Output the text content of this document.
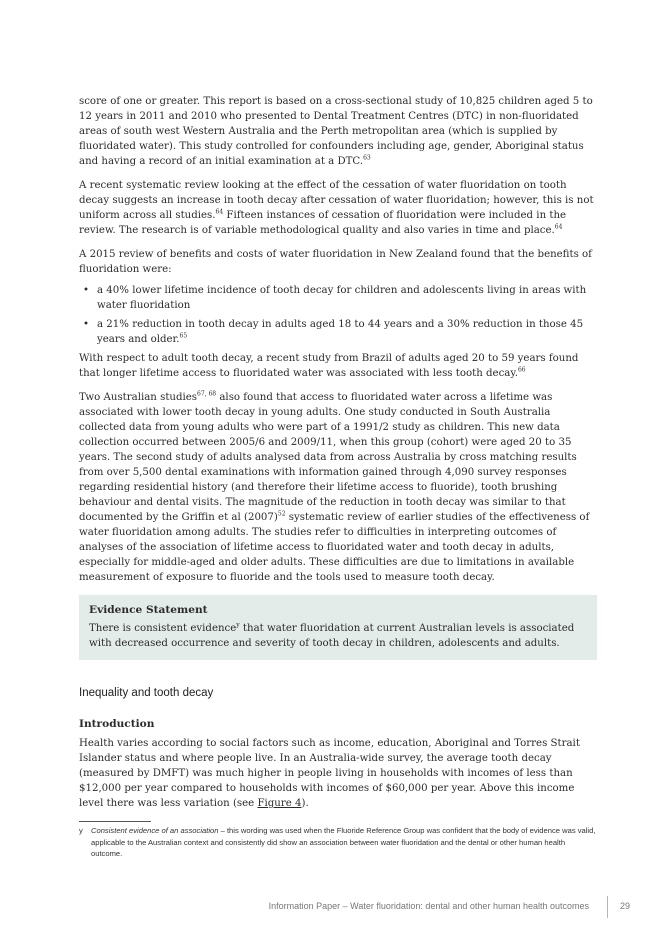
score of one or greater. This report is based on a cross-sectional study of 10,825 children aged 5 to 12 years in 2011 and 2010 who presented to Dental Treatment Centres (DTC) in non-fluoridated areas of south west Western Australia and the Perth metropolitan area (which is supplied by fluoridated water). This study controlled for confounders including age, gender, Aboriginal status and having a record of an initial examination at a DTC.$^{63}$

A recent systematic review looking at the effect of the cessation of water fluoridation on tooth decay suggests an increase in tooth decay after cessation of water fluoridation; however, this is not uniform across all studies.$^{64}$ Fifteen instances of cessation of fluoridation were included in the review. The research is of variable methodological quality and also varies in time and place.$^{64}$

A 2015 review of benefits and costs of water fluoridation in New Zealand found that the benefits of fluoridation were:

• a 40% lower lifetime incidence of tooth decay for children and adolescents living in areas with water fluoridation
• a 21% reduction in tooth decay in adults aged 18 to 44 years and a 30% reduction in those 45 years and older.$^{65}$

With respect to adult tooth decay, a recent study from Brazil of adults aged 20 to 59 years found that longer lifetime access to fluoridated water was associated with less tooth decay.$^{66}$

Two Australian studies$^{67, 68}$ also found that access to fluoridated water across a lifetime was associated with lower tooth decay in young adults. One study conducted in South Australia collected data from young adults who were part of a 1991/2 study as children. This new data collection occurred between 2005/6 and 2009/11, when this group (cohort) were aged 20 to 35 years. The second study of adults analysed data from across Australia by cross matching results from over 5,500 dental examinations with information gained through 4,090 survey responses regarding residential history (and therefore their lifetime access to fluoride), tooth brushing behaviour and dental visits. The magnitude of the reduction in tooth decay was similar to that documented by the Griffin et al $(2007)^{52}$ systematic review of earlier studies of the effectiveness of water fluoridation among adults. The studies refer to difficulties in interpreting outcomes of analyses of the association of lifetime access to fluoridated water and tooth decay in adults, especially for middle-aged and older adults. These difficulties are due to limitations in available measurement of exposure to fluoride and the tools used to measure tooth decay.

Evidence Statement

There is consistent evidence$^y$ that water fluoridation at current Australian levels is associated with decreased occurrence and severity of tooth decay in children, adolescents and adults.

Inequality and tooth decay
Introduction

Health varies according to social factors such as income, education, Aboriginal and Torres Strait Islander status and where people live. In an Australia-wide survey, the average tooth decay (measured by DMFT) was much higher in people living in households with incomes of less than $12,000 per year compared to households with incomes of $60,000 per year. Above this income level there was less variation (see Figure 4).

y Consistent evidence of an association – this wording was used when the Fluoride Reference Group was confident that the body of evidence was valid, applicable to the Australian context and consistently did show an association between water fluoridation and the dental or other human health outcome.
Information Paper – Water fluoridation: dental and other human health outcomes	29
